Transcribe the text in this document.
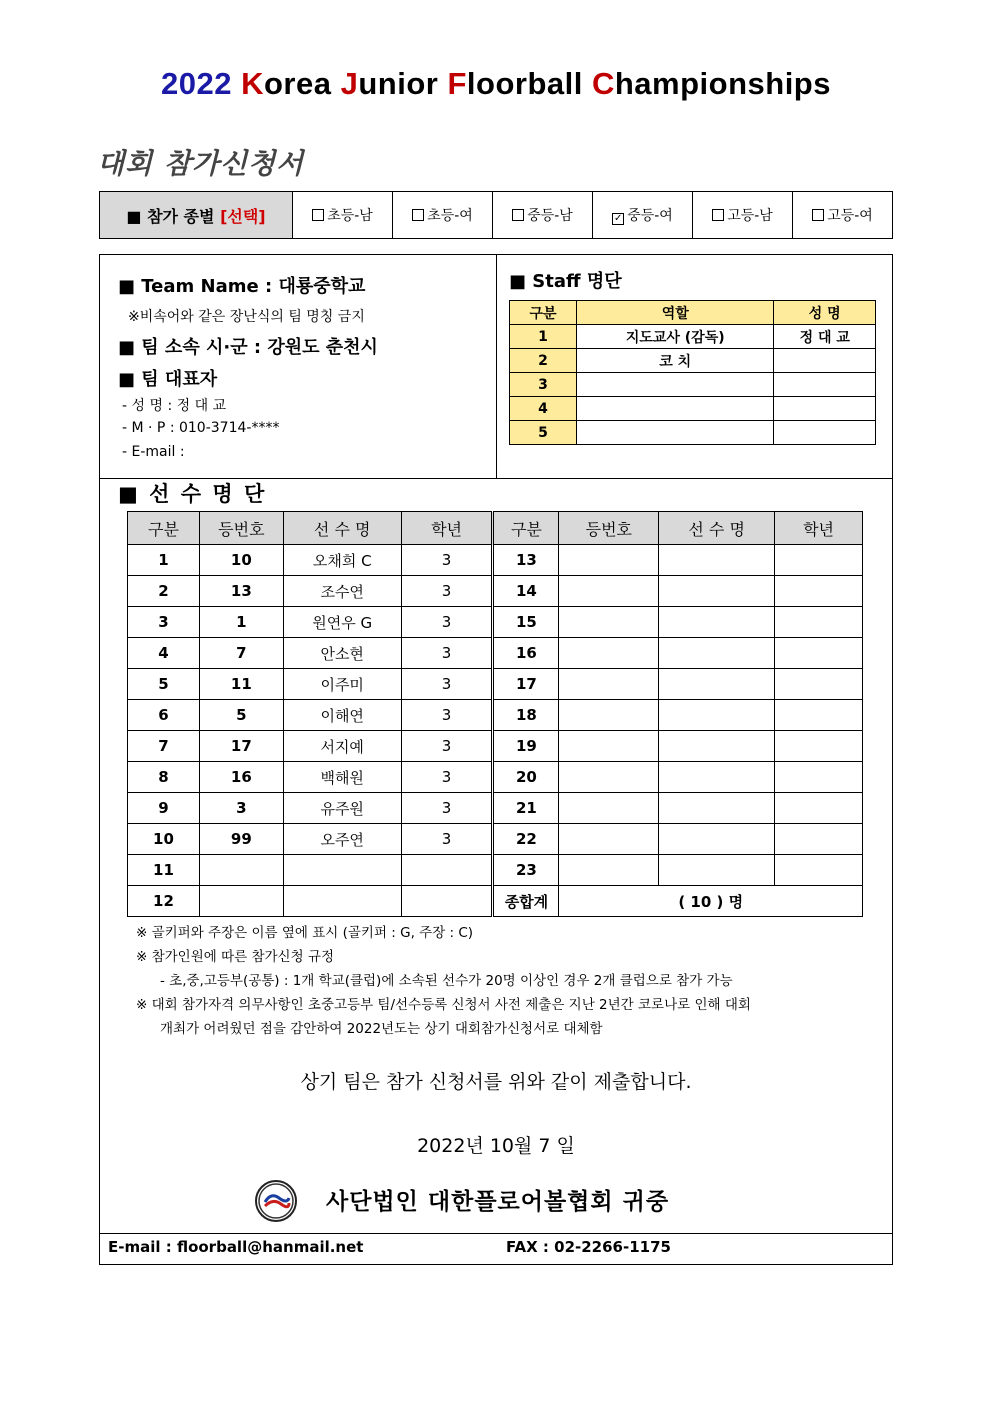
2022 Korea Junior Floorball Championships
대회 참가신청서
■ 참가 종별 [선택]	초등-남	초등-여	중등-남	✓ 중등-여	고등-남	고등-여
■ Team Name : 대룡중학교
※비속어와 같은 장난식의 팀 명칭 금지
■ 팀 소속 시·군 : 강원도 춘천시
■ 팀 대표자
- 성 명 : 정 대 교
- M · P : 010-3714-****
- E-mail :
■ Staff 명단
구분	역할	성 명
1	지도교사 (감독)	정 대 교
2	코 치	
3		
4		
5		
■ 선 수 명 단
구분	등번호	선 수 명	학년	구분	등번호	선 수 명	학년
1	10	오채희 C	3	13			
2	13	조수연	3	14			
3	1	원연우 G	3	15			
4	7	안소현	3	16			
5	11	이주미	3	17			
6	5	이해연	3	18			
7	17	서지예	3	19			
8	16	백해원	3	20			
9	3	유주원	3	21			
10	99	오주연	3	22			
11				23			
12				종합계	( 10 ) 명		
※ 골키퍼와 주장은 이름 옆에 표시 (골키퍼 : G, 주장 : C)
※ 참가인원에 따른 참가신청 규정
- 초,중,고등부(공통) : 1개 학교(클럽)에 소속된 선수가 20명 이상인 경우 2개 클럽으로 참가 가능
※ 대회 참가자격 의무사항인 초중고등부 팀/선수등록 신청서 사전 제출은 지난 2년간 코로나로 인해 대회
개최가 어려웠던 점을 감안하여 2022년도는 상기 대회참가신청서로 대체함
상기 팀은 참가 신청서를 위와 같이 제출합니다.
2022년 10월 7 일
사단법인 대한플로어볼협회 귀중
E-mail : floorball@hanmail.net	FAX : 02-2266-1175
